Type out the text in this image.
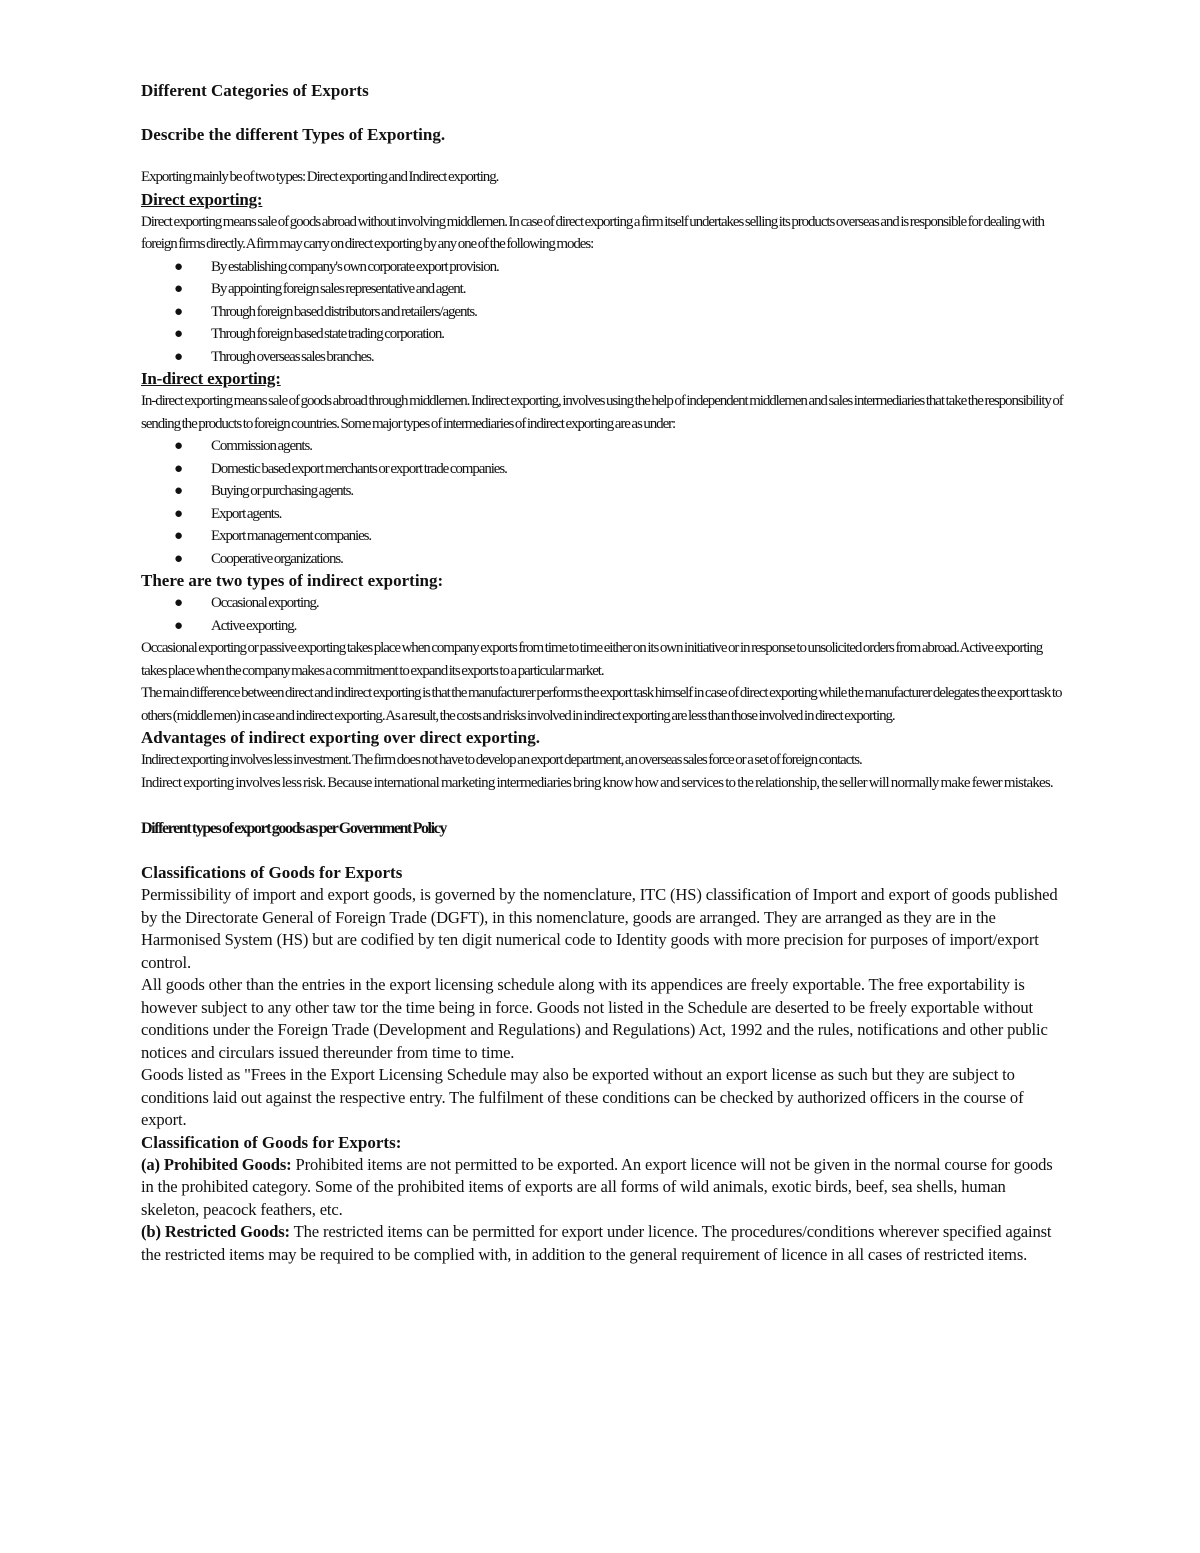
Different Categories of Exports

Describe the different Types of Exporting.

Exporting mainly be of two types: Direct exporting and Indirect exporting.

Direct exporting:

Direct exporting means sale of goods abroad without involving middlemen. In case of direct exporting a firm itself undertakes selling its products overseas and is responsible for dealing with foreign firms directly. A firm may carry on direct exporting by any one of the following modes:

● By establishing company's own corporate export provision.
● By appointing foreign sales representative and agent.
● Through foreign based distributors and retailers/agents.
● Through foreign based state trading corporation.
● Through overseas sales branches.

In-direct exporting:

In-direct exporting means sale of goods abroad through middlemen. Indirect exporting, involves using the help of independent middlemen and sales intermediaries that take the responsibility of sending the products to foreign countries. Some major types of intermediaries of indirect exporting are as under:

● Commission agents.
● Domestic based export merchants or export trade companies.
● Buying or purchasing agents.
● Export agents.
● Export management companies.
● Cooperative organizations.

There are two types of indirect exporting:

● Occasional exporting.
● Active exporting.

Occasional exporting or passive exporting takes place when company exports from time to time either on its own initiative or in response to unsolicited orders from abroad. Active exporting takes place when the company makes a commitment to expand its exports to a particular market.

The main difference between direct and indirect exporting is that the manufacturer performs the export task himself in case of direct exporting while the manufacturer delegates the export task to others (middle men) in case and indirect exporting. As a result, the costs and risks involved in indirect exporting are less than those involved in direct exporting.

Advantages of indirect exporting over direct exporting.

Indirect exporting involves less investment. The firm does not have to develop an export department, an overseas sales force or a set of foreign contacts.

Indirect exporting involves less risk. Because international marketing intermediaries bring know how and services to the relationship, the seller will normally make fewer mistakes.

Different types of export goods as per Government Policy

Classifications of Goods for Exports

Permissibility of import and export goods, is governed by the nomenclature, ITC (HS) classification of Import and export of goods published by the Directorate General of Foreign Trade (DGFT), in this nomenclature, goods are arranged. They are arranged as they are in the Harmonised System (HS) but are codified by ten digit numerical code to Identity goods with more precision for purposes of import/export control.

All goods other than the entries in the export licensing schedule along with its appendices are freely exportable. The free exportability is however subject to any other taw tor the time being in force. Goods not listed in the Schedule are deserted to be freely exportable without conditions under the Foreign Trade (Development and Regulations) and Regulations) Act, 1992 and the rules, notifications and other public notices and circulars issued thereunder from time to time.

Goods listed as "Frees in the Export Licensing Schedule may also be exported without an export license as such but they are subject to conditions laid out against the respective entry. The fulfilment of these conditions can be checked by authorized officers in the course of export.

Classification of Goods for Exports:

(a) Prohibited Goods: Prohibited items are not permitted to be exported. An export licence will not be given in the normal course for goods in the prohibited category. Some of the prohibited items of exports are all forms of wild animals, exotic birds, beef, sea shells, human skeleton, peacock feathers, etc.

(b) Restricted Goods: The restricted items can be permitted for export under licence. The procedures/conditions wherever specified against the restricted items may be required to be complied with, in addition to the general requirement of licence in all cases of restricted items.
